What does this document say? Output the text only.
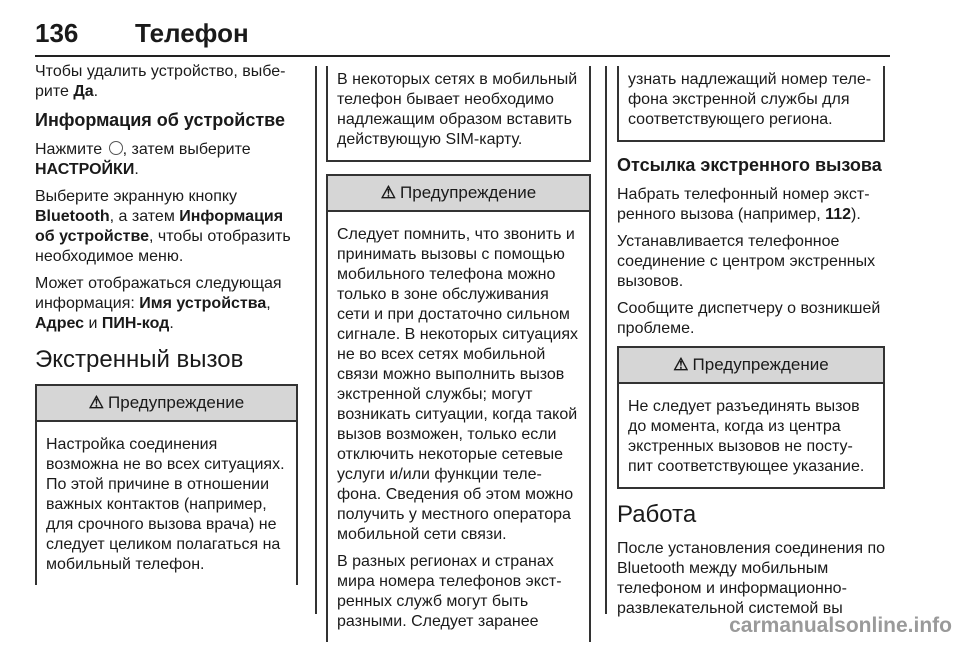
136 Телефон

Чтобы удалить устройство, выбе-рите Да.

Информация об устройстве

Нажмите , затем выберите
НАСТРОЙКИ.

Выберите экранную кнопку
Bluetooth, а затем Информация об устройстве, чтобы отобразить необходимое меню.

Может отображаться следующая информация: Имя устройства,
Адрес и ПИН-код.

Экстренный вызов
⚠ Предупреждение
Настройка соединения возможна не во всех ситуациях. По этой причине в отношении важных контактов (например, для срочного вызова врача) не следует целиком полагаться на мобильный телефон.
В некоторых сетях в мобильный телефон бывает необходимо надлежащим образом вставить действующую SIM-карту.
⚠ Предупреждение
Следует помнить, что звонить и принимать вызовы с помощью мобильного телефона можно только в зоне обслуживания сети и при достаточно сильном сигнале. В некоторых ситуациях не во всех сетях мобильной связи можно выполнить вызов экстренной службы; могут возникать ситуации, когда такой вызов возможен, только если отключить некоторые сетевые услуги и/или функции теле-фона. Сведения об этом можно получить у местного оператора мобильной сети связи.
В разных регионах и странах мира номера телефонов экст-ренных служб могут быть разными. Следует заранее
узнать надлежащий номер теле-фона экстренной службы для соответствующего региона.
Отсылка экстренного вызова

Набрать телефонный номер экст-ренного вызова (например, 112).

Устанавливается телефонное соединение с центром экстренных вызовов.

Сообщите диспетчеру о возникшей проблеме.

⚠ Предупреждение
Не следует разъединять вызов до момента, когда из центра экстренных вызовов не посту-пит соответствующее указание.
Работа

После установления соединения по Bluetooth между мобильным телефоном и информационно-развлекательной системой вы

carmanualsonline.info
